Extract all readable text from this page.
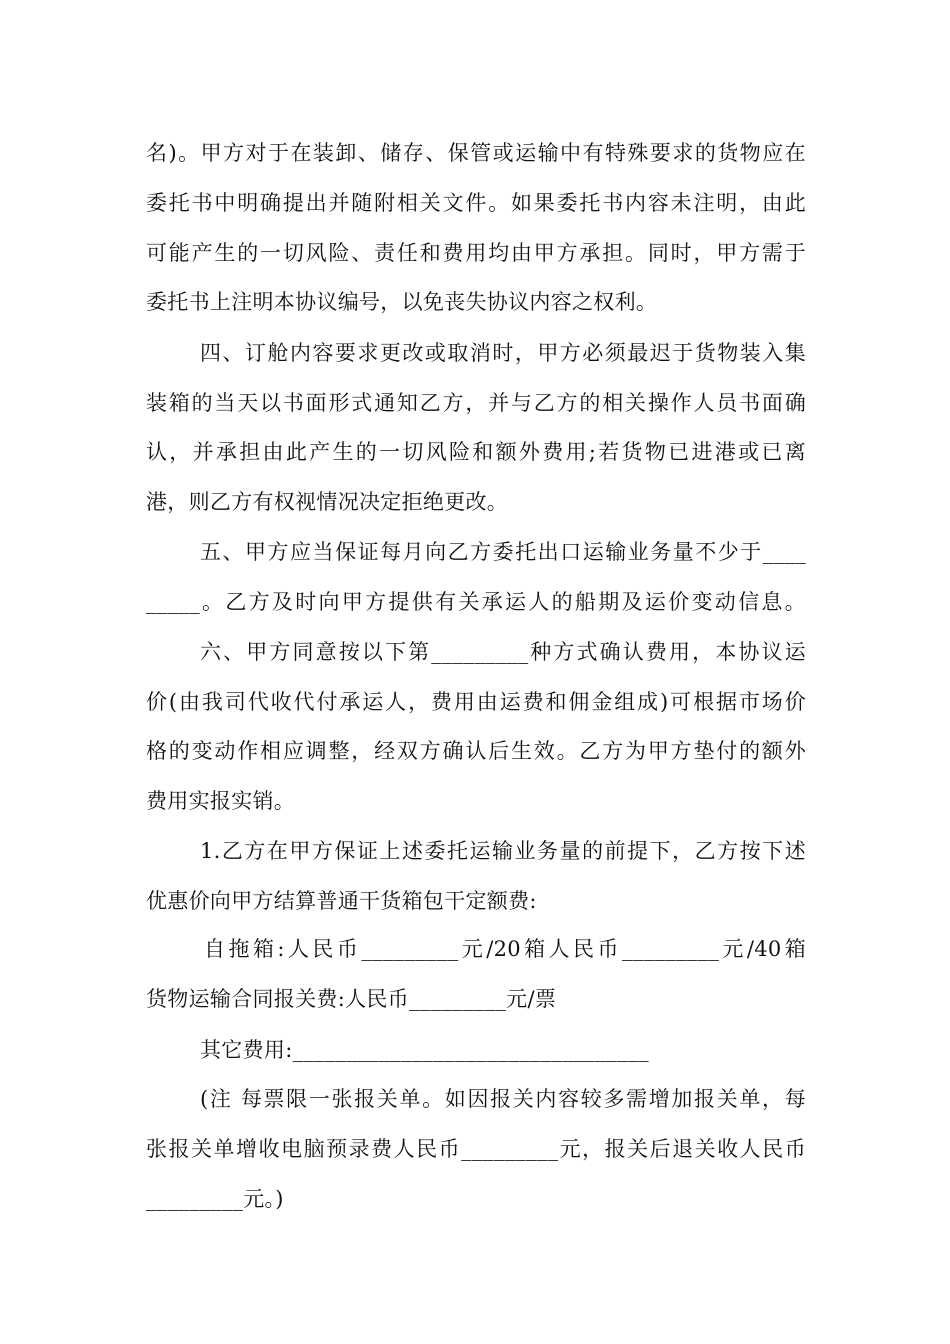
名)。甲方对于在装卸、储存、保管或运输中有特殊要求的货物应在
委托书中明确提出并随附相关文件。如果委托书内容未注明，由此
可能产生的一切风险、责任和费用均由甲方承担。同时，甲方需于
委托书上注明本协议编号，以免丧失协议内容之权利。
四、订舱内容要求更改或取消时，甲方必须最迟于货物装入集
装箱的当天以书面形式通知乙方，并与乙方的相关操作人员书面确
认，并承担由此产生的一切风险和额外费用;若货物已进港或已离
港，则乙方有权视情况决定拒绝更改。
五、甲方应当保证每月向乙方委托出口运输业务量不少于____
_____。乙方及时向甲方提供有关承运人的船期及运价变动信息。
六、甲方同意按以下第_________种方式确认费用，本协议运
价(由我司代收代付承运人，费用由运费和佣金组成)可根据市场价
格的变动作相应调整，经双方确认后生效。乙方为甲方垫付的额外
费用实报实销。
1.乙方在甲方保证上述委托运输业务量的前提下，乙方按下述
优惠价向甲方结算普通干货箱包干定额费:
自拖箱:人民币_________元/20箱人民币_________元/40箱
货物运输合同报关费:人民币_________元/票
其它费用:_________________________________
(注 每票限一张报关单。如因报关内容较多需增加报关单，每
张报关单增收电脑预录费人民币_________元，报关后退关收人民币
_________元。)
